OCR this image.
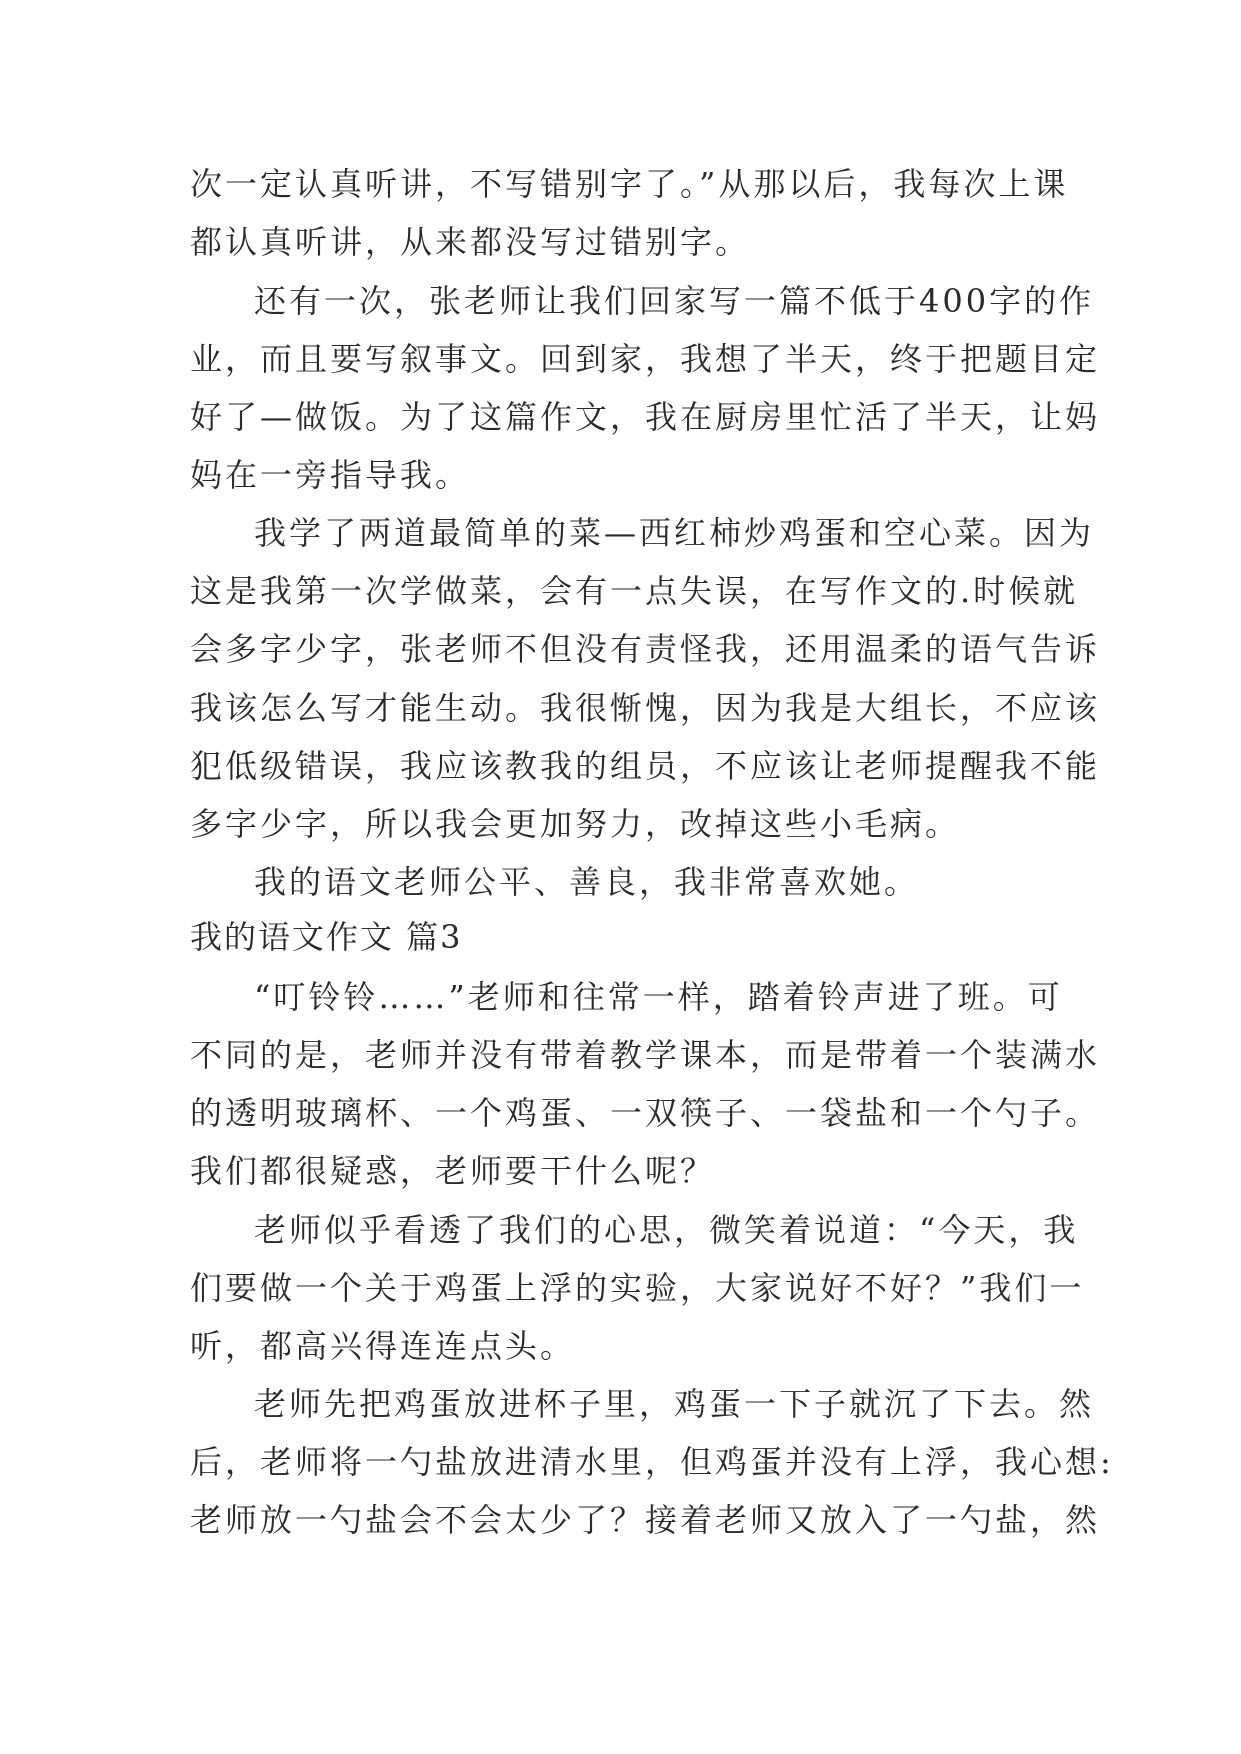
次一定认真听讲，不写错别字了。”从那以后，我每次上课
都认真听讲，从来都没写过错别字。
还有一次，张老师让我们回家写一篇不低于400字的作
业，而且要写叙事文。回到家，我想了半天，终于把题目定
好了—做饭。为了这篇作文，我在厨房里忙活了半天，让妈
妈在一旁指导我。
我学了两道最简单的菜—西红柿炒鸡蛋和空心菜。因为
这是我第一次学做菜，会有一点失误，在写作文的.时候就
会多字少字，张老师不但没有责怪我，还用温柔的语气告诉
我该怎么写才能生动。我很惭愧，因为我是大组长，不应该
犯低级错误，我应该教我的组员，不应该让老师提醒我不能
多字少字，所以我会更加努力，改掉这些小毛病。
我的语文老师公平、善良，我非常喜欢她。
我的语文作文 篇3
“叮铃铃……”老师和往常一样，踏着铃声进了班。可
不同的是，老师并没有带着教学课本，而是带着一个装满水
的透明玻璃杯、一个鸡蛋、一双筷子、一袋盐和一个勺子。
我们都很疑惑，老师要干什么呢？
老师似乎看透了我们的心思，微笑着说道：“今天，我
们要做一个关于鸡蛋上浮的实验，大家说好不好？”我们一
听，都高兴得连连点头。
老师先把鸡蛋放进杯子里，鸡蛋一下子就沉了下去。然
后，老师将一勺盐放进清水里，但鸡蛋并没有上浮，我心想:
老师放一勺盐会不会太少了？接着老师又放入了一勺盐，然
